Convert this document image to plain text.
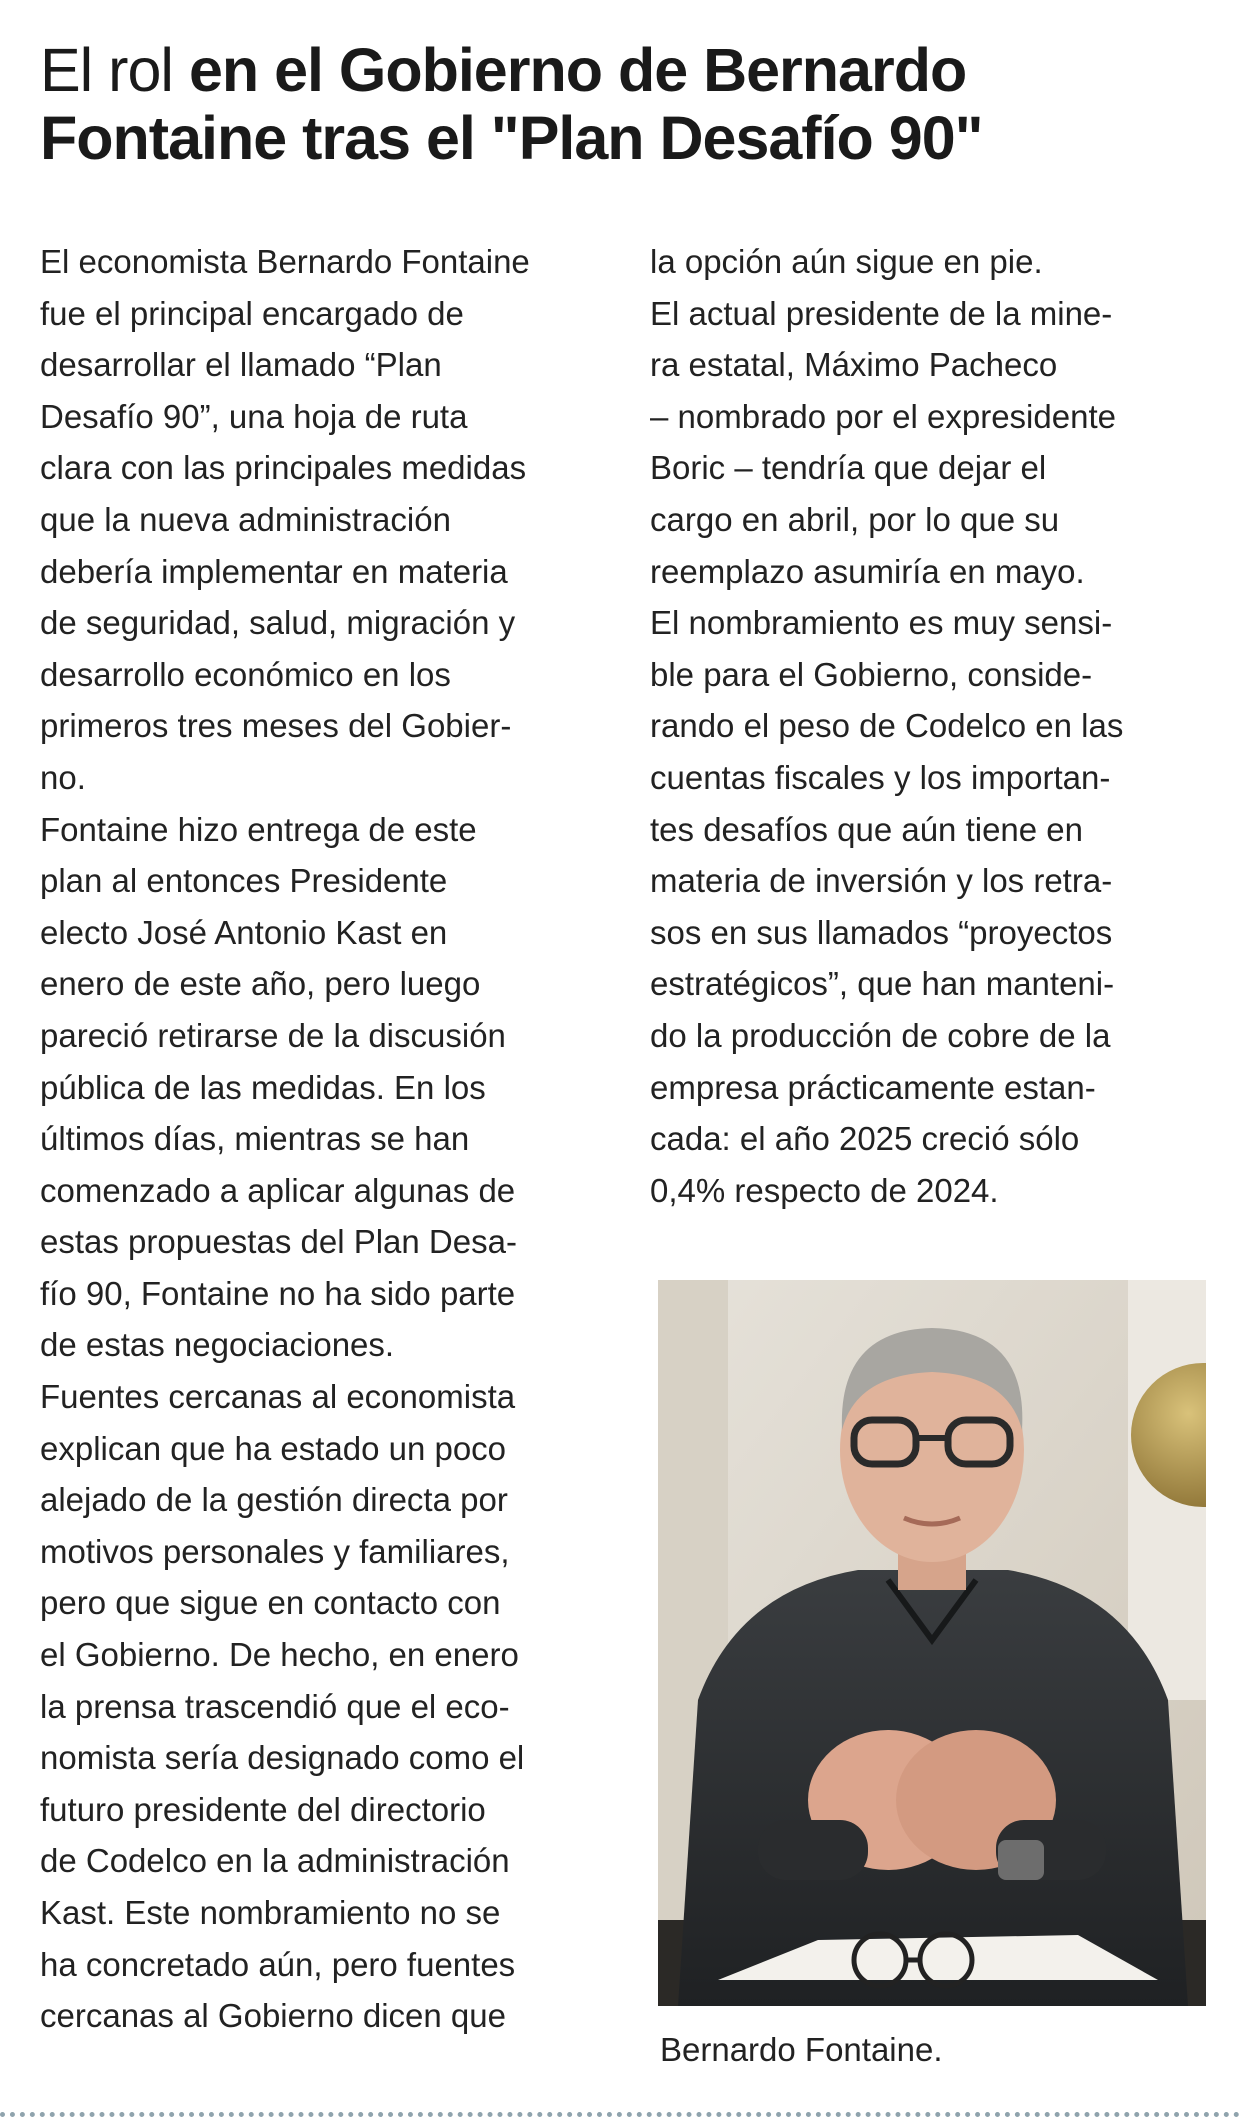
El rol en el Gobierno de Bernardo
Fontaine tras el "Plan Desafío 90"
El economista Bernardo Fontaine
fue el principal encargado de
desarrollar el llamado “Plan
Desafío 90”, una hoja de ruta
clara con las principales medidas
que la nueva administración
debería implementar en materia
de seguridad, salud, migración y
desarrollo económico en los
primeros tres meses del Gobier-
no.
Fontaine hizo entrega de este
plan al entonces Presidente
electo José Antonio Kast en
enero de este año, pero luego
pareció retirarse de la discusión
pública de las medidas. En los
últimos días, mientras se han
comenzado a aplicar algunas de
estas propuestas del Plan Desa-
fío 90, Fontaine no ha sido parte
de estas negociaciones.
Fuentes cercanas al economista
explican que ha estado un poco
alejado de la gestión directa por
motivos personales y familiares,
pero que sigue en contacto con
el Gobierno. De hecho, en enero
la prensa trascendió que el eco-
nomista sería designado como el
futuro presidente del directorio
de Codelco en la administración
Kast. Este nombramiento no se
ha concretado aún, pero fuentes
cercanas al Gobierno dicen que
la opción aún sigue en pie.
El actual presidente de la mine-
ra estatal, Máximo Pacheco
– nombrado por el expresidente
Boric – tendría que dejar el
cargo en abril, por lo que su
reemplazo asumiría en mayo.
El nombramiento es muy sensi-
ble para el Gobierno, conside-
rando el peso de Codelco en las
cuentas fiscales y los importan-
tes desafíos que aún tiene en
materia de inversión y los retra-
sos en sus llamados “proyectos
estratégicos”, que han manteni-
do la producción de cobre de la
empresa prácticamente estan-
cada: el año 2025 creció sólo
0,4% respecto de 2024.
Bernardo Fontaine.
